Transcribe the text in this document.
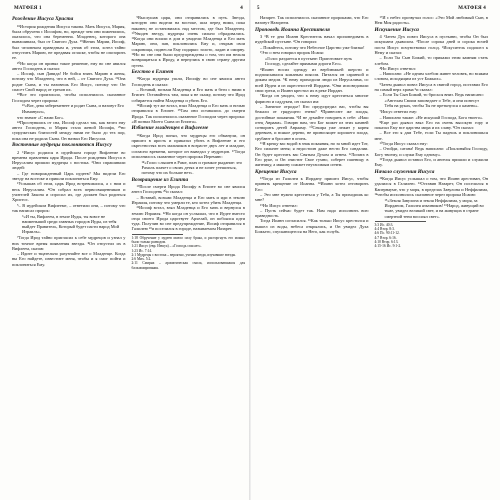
МАТФЕЯ 1	4
Рождение Иисуса Христа

¹⁸История рождения Иисуса такова. Мать Иисуса, Мария, была обручена с Иосифом, но, прежде чем они поженились, оказалось, что она беременна. Младенец, которого она вынашивала, был от Святого Духа. ¹⁹Жених Марии, Иосиф, был человеком праведным и, узнав об этом, хотел тайно отпустить Марию, не предавая огласке, чтобы не опозорить ее.

²⁰Но когда он принял такое решение, ему во сне явился ангел Господень и сказал:

– Иосиф, сын Давида! Не бойся взять Марию в жены, потому что Младенец, что в ней, – от Святого Духа. ²¹Она родит Сына, и ты назовешь Его Иисус, потому что Он спасет Свой народ от грехов их.

²²Все это произошло, чтобы исполнилось сказанное Господом через пророка:

²³«Вот, дева забеременеет и родит Сына, и назовут Его Иммануил»,

что значит «С нами Бог».

²⁴Проснувшись от сна, Иосиф сделал так, как велел ему ангел Господень, и Мария стала женой Иосифа, ²⁵но супружеских близостей между ними не было до тех пор, пока она не родила Сына. Он назвал Его Иисусом.

Восточные мудрецы поклоняются Иисусу

2 ¹Иисус родился в иудейском городе Вифлееме во времена правления царя Ирода. После рождения Иисуса в Иерусалим пришли мудрецы с востока. ²Они спрашивали людей:

– Где новорожденный Царь иудеев? Мы видели Его звезду на востоке и пришли поклониться Ему.

³Услышав об этом, царь Ирод встревожился, а с ним и весь Иерусалим. ⁴Он собрал всех первосвященников и учителей Закона и спросил их, где должен был родиться Христос.

⁵– В иудейском Вифлееме, – ответили они, – потому что так написал пророк:

⁶«И ты, Вифлеем, в земле Иуды, ты вовсе не наименьший среди главных городов Иуды, из тебя выйдет Правитель, Который будет пасти народ Мой Израиль».

⁷Тогда Ирод тайно пригласил к себе мудрецов и узнал у них точное время появления звезды. ⁸Он отпустил их в Вифлеем, сказав:

– Идите и тщательно разузнайте все о Младенце. Когда вы Его найдете, известите меня, чтобы и я смог пойти и поклониться Ему.

⁹Выслушав царя, они отправились в путь. Звезда, которую они видели на востоке, шла перед ними, пока наконец не остановилась над местом, где был Младенец. ¹⁰Увидев звезду, мудрецы очень сильно обрадовались. ¹¹Когда они вошли в дом и увидели Младенца и Его мать Марию, они, пав, поклонились Ему и, открыв свои сокровища, поднесли Ему подарки: золото, ладан и смирну. ¹²Но во сне они были предупреждены о том, что им нельзя возвращаться к Ироду, и вернулись в свою страну другим путем.

Бегство в Египет

¹³Когда мудрецы ушли, Иосифу во сне явился ангел Господень и сказал:

– Вставай, возьми Младенца и Его мать и беги с ними в Египет. Оставайтесь там, пока я не скажу, потому что Ирод собирается найти Младенца и убить Его.

¹⁴Иосиф тут же встал, взял Младенца и Его мать и ночью отправился в Египет. ¹⁵Там они оставались до смерти Ирода. Так исполнилось сказанное Господом через пророка: «Я позвал Моего Сына из Египта».

Избиение младенцев в Вифлееме

¹⁶Когда Ирод понял, что мудрецы его обманули, он пришел в ярость и приказал убить в Вифлееме и его окрестностях всех мальчиков в возрасте двух лет и младше, согласно времени, которое он выведал у мудрецов. ¹⁷Тогда исполнилось сказанное через пророка Иеремию:

¹⁸«Голос слышен в Раме, плач и громкое рыдание: это Рахиль плачет о своих детях и не хочет утешиться, потому что их больше нет».
Возвращение из Египта

¹⁹После смерти Ирода Иосифу в Египте во сне явился ангел Господень ²⁰и сказал:

– Вставай, возьми Младенца и Его мать и иди в землю Израиля, потому что умерли те, кто хотел убить Младенца.

²¹Иосиф встал, взял Младенца и Его мать и вернулся в землю Израиля. ²²Но когда он услышал, что в Иудее вместо отца своего Ирода царствует Архелай, он побоялся идти туда. Получив во сне предупреждение, Иосиф отправился в Галилею ²³и поселился в городе, называемом Назарет.

1:18 Обручение у иудеев имело силу брака, и расторгнуть его можно было только разводом.
1:21 Иисус (евр. Иешуа) – «Господь спасает».
1:23 Ис. 7:14.
2:1 Мудрецы с востока – вероятно, ученые люди, изучавшие звезды.
2:6 Мих. 5:2.
2:11 Смирна – ароматическая смола, использовавшаяся для бальзамирования.
5	МАТФЕЯ 4

Назарет. Так исполнилось сказанное пророками, что Его назовут Назореем.

Проповедь Иоанна Крестителя

3 ¹В те дни Иоанн Креститель начал проповедовать в иудейской пустыне. ²Он говорил:

– Покайтесь, потому что Небесное Царство уже близко!

³Это о нем говорил пророк Исаия:

«Голос раздается в пустыне: Приготовьте путь Господу, сделайте прямыми дороги Его».

⁴Иоанн носил одежду из верблюжьей шерсти и подпоясывался кожаным поясом. Питался он саранчой и диким медом. ⁵К нему приходили люди из Иерусалима, со всей Иудеи и из окрестностей Иордана. ⁶Они исповедовали свои грехи, и Иоанн крестил их в реке Иордан.

⁷Когда он увидел, что к нему идут креститься многие фарисеи и саддукеи, он сказал им:

– Змеиное отродье! Кто предупредил вас, чтобы вы бежали от грядущего гнева? ⁸Принесите же плоды, достойные покаяния. ⁹И не думайте говорить в себе: «Наш отец Авраам». Говорю вам, что Бог может из этих камней сотворить детей Аврааму. ¹⁰Секира уже лежит у корня деревьев, и всякое дерево, не приносящее хорошего плода, срубают и бросают в огонь.

¹¹Я крещу вас водой в знак покаяния, но за мной идет Тот, Кто сильнее меня; я недостоин даже нести Его сандалии. Он будет крестить вас Святым Духом и огнем. ¹²Лопата в Его руке, и Он очистит Свое гумно, соберет пшеницу в житницу, а мякину сожжет неугасимым огнем.

Крещение Иисуса

¹³Тогда из Галилеи к Иордану пришел Иисус, чтобы принять крещение от Иоанна. ¹⁴Иоанн хотел отговорить Его:

– Это мне нужно креститься у Тебя, а Ты приходишь ко мне?

¹⁵Но Иисус ответил:

– Пусть сейчас будет так. Нам надо исполнить всю праведность.

Тогда Иоанн согласился. ¹⁶Как только Иисус крестился и вышел из воды, небеса открылись, и Он увидел Духа Божьего, спускающегося на Него, как голубь.

¹⁷И с небес прозвучал голос: «Это Мой любимый Сын, в Нем Моя радость».

Искушение Иисуса

4 ¹Затем Дух повел Иисуса в пустыню, чтобы Он был искушаем дьяволом. ²После сорока дней и сорока ночей поста Иисус почувствовал голод. ³Искуситель подошел к Нему и сказал:

– Если Ты Сын Божий, то прикажи этим камням стать хлебом.

⁴Но Иисус ответил:

– Написано: «Не одним хлебом живет человек, но всяким словом, исходящим из уст Божьих».

⁵Затем дьявол повел Иисуса в святой город, поставил Его на самый верх храма ⁶и сказал:

– Если Ты Сын Божий, то бросься вниз. Ведь написано:

«Ангелам Своим заповедает о Тебе, и они понесут Тебя на руках, чтобы Ты не преткнулся о камень».

⁷Иисус ответил ему:

– Написано также: «Не искушай Господа, Бога твоего».

⁸Еще раз дьявол взял Его на очень высокую гору и показал Ему все царства мира и их славу. ⁹Он сказал:

– Все это я дам Тебе, если Ты падешь и поклонишься мне.

¹⁰Тогда Иисус сказал ему:

– Отойди, сатана! Ведь написано: «Поклоняйся Господу, Богу твоему, и служи Ему одному».

¹¹Тогда дьявол оставил Его, и ангелы пришли и служили Ему.

Начало служения Иисуса

¹²Когда Иисус услышал о том, что Иоанн арестован, Он удалился в Галилею. ¹³Оставив Назарет, Он поселился в Капернауме, что у моря, в пределах Завулона и Неффалима, ¹⁴чтобы исполнилось сказанное через пророка Исаию:

¹⁵«Земля Завулона и земля Неффалима, у моря, за Иорданом, Галилея язычников! ¹⁶Народ, живущий во тьме, увидел великий свет, и на живущих в стране смертной тени воссиял свет».
3:3 Ис. 40:3.
4:4 Втор. 8:3.
4:6 Пс. 90:11-12.
4:7 Втор. 6:16.
4:10 Втор. 6:13.
4:15-16 Ис. 9:1-2.
